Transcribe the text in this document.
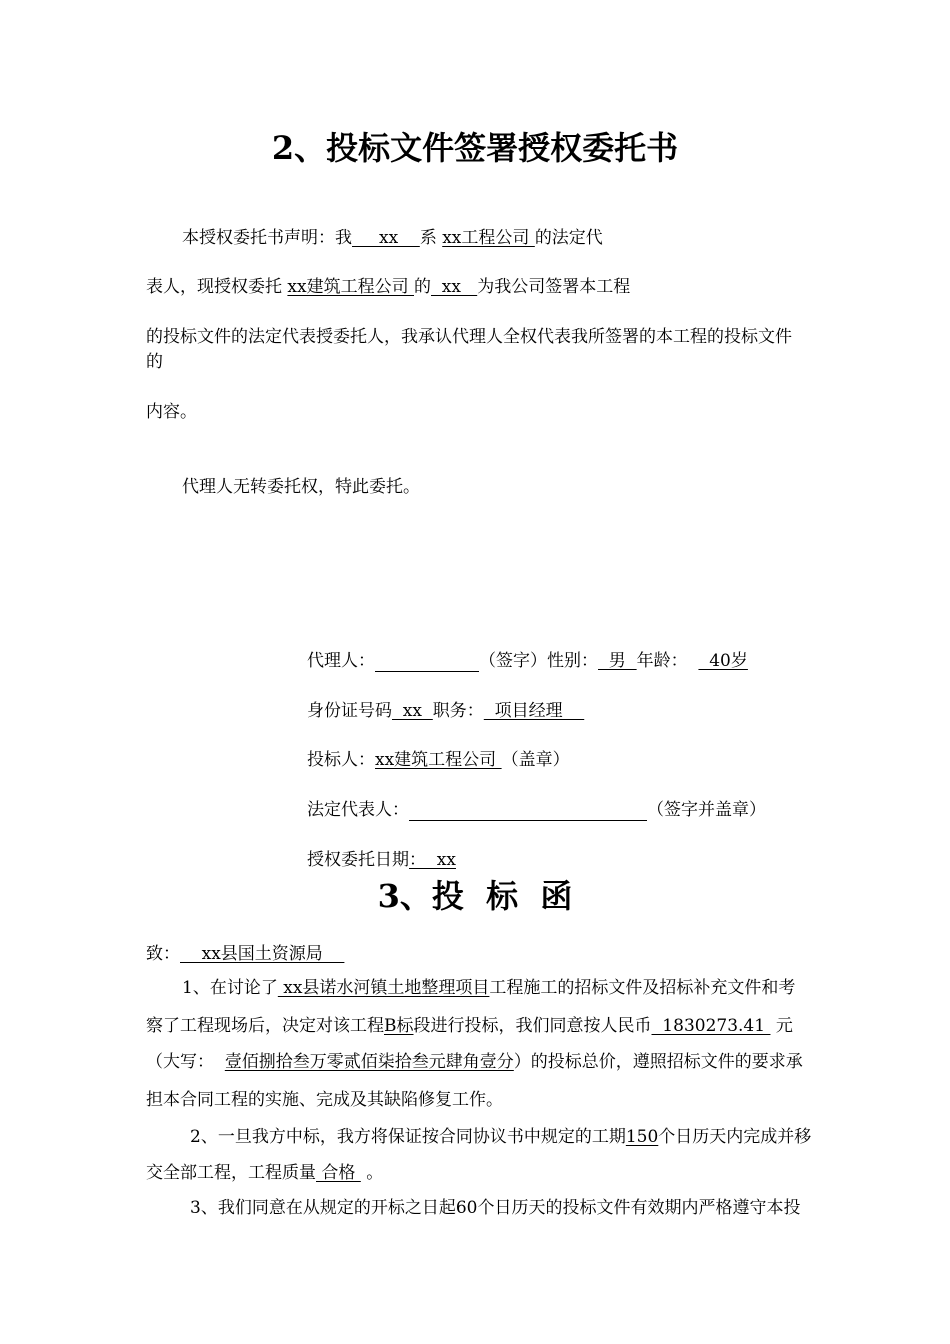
2、投标文件签署授权委托书
本授权委托书声明：我     xx    系 xx工程公司 的法定代
表人，现授权委托 xx建筑工程公司 的  xx   为我公司签署本工程
的投标文件的法定代表授委托人，我承认代理人全权代表我所签署的本工程的投标文件
的
内容。
代理人无转委托权，特此委托。
代理人：	（签字）性别：  男  年龄：    40岁
身份证号码  xx  职务：  项目经理
投标人：xx建筑工程公司 （盖章）
法定代表人：	（签字并盖章）
授权委托日期：  xx
3、投  标  函
致：    xx县国土资源局
1、在讨论了 xx县诺水河镇土地整理项目工程施工的招标文件及招标补充文件和考
察了工程现场后，决定对该工程B标段进行投标，我们同意按人民币  1830273.41  元
（大写：  壹佰捌拾叁万零贰佰柒拾叁元肆角壹分）的投标总价，遵照招标文件的要求承
担本合同工程的实施、完成及其缺陷修复工作。
2、一旦我方中标，我方将保证按合同协议书中规定的工期150个日历天内完成并移
交全部工程，工程质量 合格  。
3、我们同意在从规定的开标之日起60个日历天的投标文件有效期内严格遵守本投
